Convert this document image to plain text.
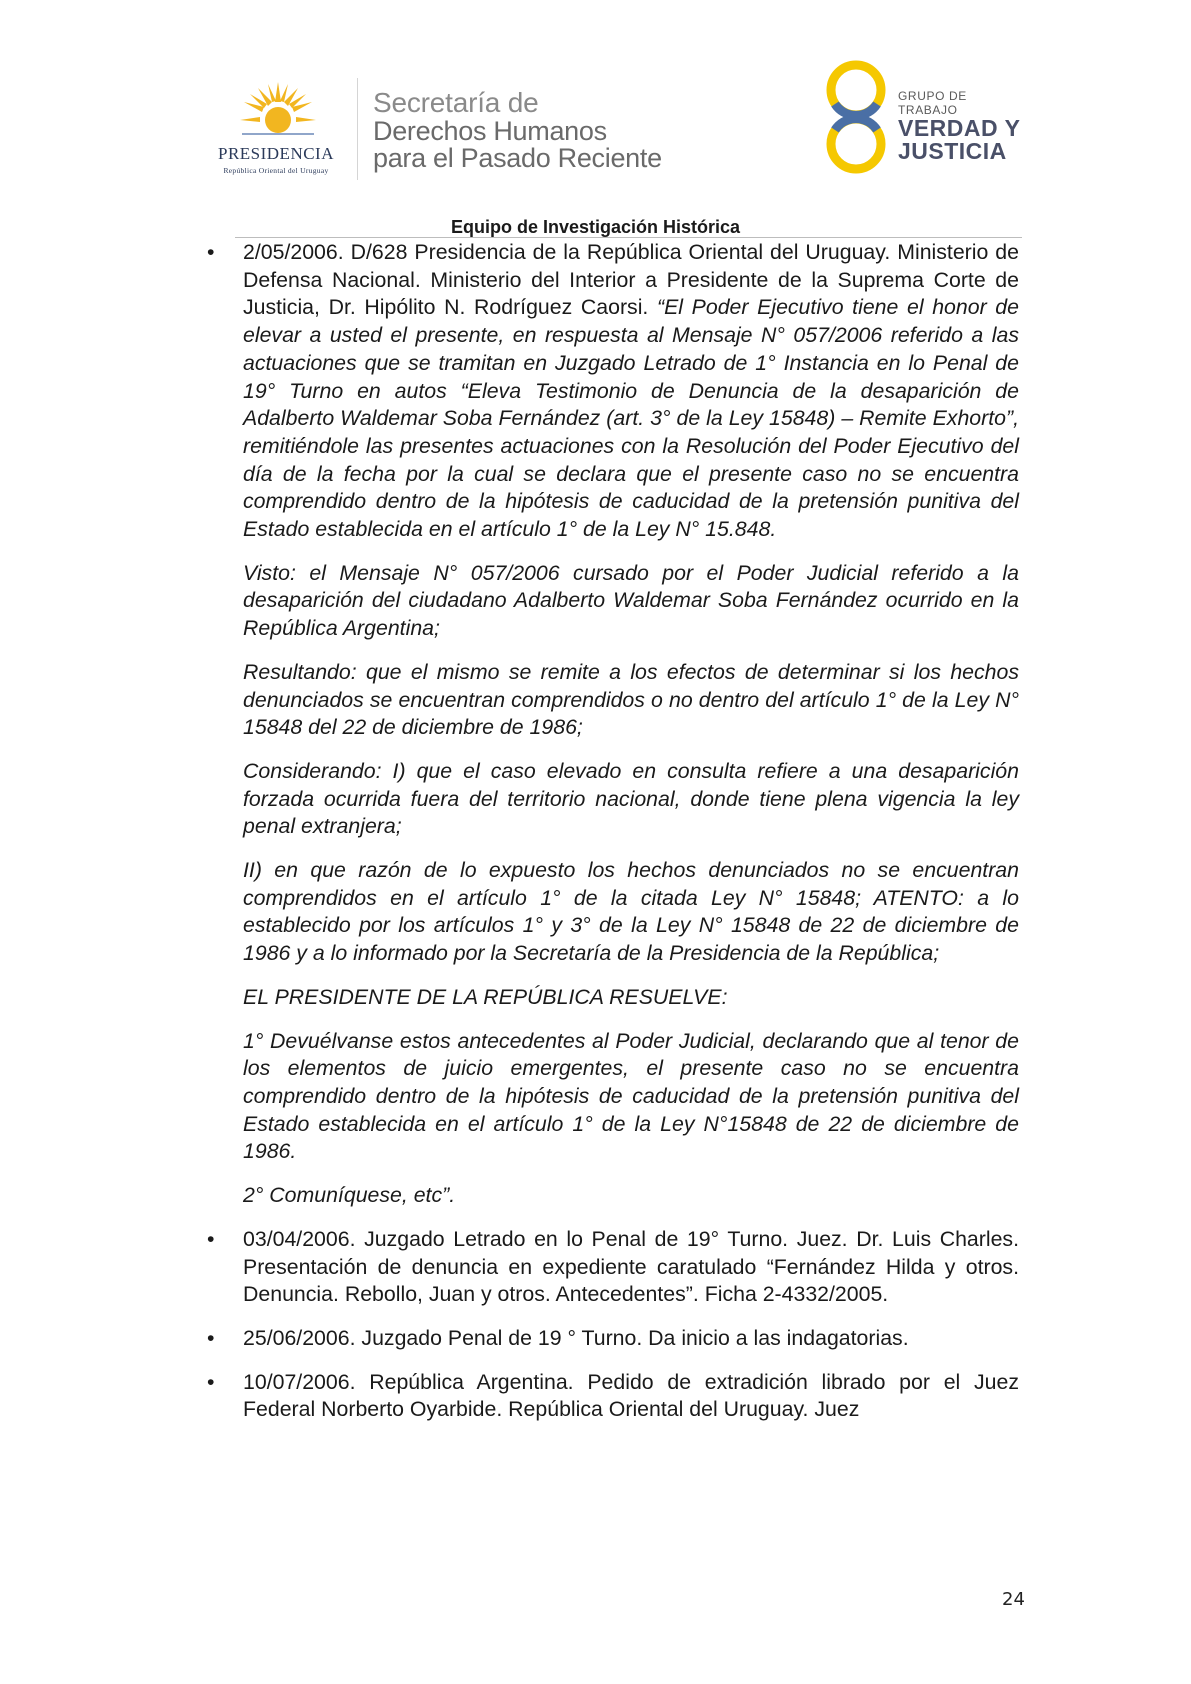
PRESIDENCIA
República Oriental del Uruguay
Secretaría de
Derechos Humanos
para el Pasado Reciente
GRUPO DE TRABAJO
VERDAD Y
JUSTICIA
Equipo de Investigación Histórica
• 2/05/2006. D/628 Presidencia de la República Oriental del Uruguay. Ministerio de Defensa Nacional. Ministerio del Interior a Presidente de la Suprema Corte de Justicia, Dr. Hipólito N. Rodríguez Caorsi. “El Poder Ejecutivo tiene el honor de elevar a usted el presente, en respuesta al Mensaje N° 057/2006 referido a las actuaciones que se tramitan en Juzgado Letrado de 1° Instancia en lo Penal de 19° Turno en autos “Eleva Testimonio de Denuncia de la desaparición de Adalberto Waldemar Soba Fernández (art. 3° de la Ley 15848) – Remite Exhorto”, remitiéndole las presentes actuaciones con la Resolución del Poder Ejecutivo del día de la fecha por la cual se declara que el presente caso no se encuentra comprendido dentro de la hipótesis de caducidad de la pretensión punitiva del Estado establecida en el artículo 1° de la Ley N° 15.848.

Visto: el Mensaje N° 057/2006 cursado por el Poder Judicial referido a la desaparición del ciudadano Adalberto Waldemar Soba Fernández ocurrido en la República Argentina;

Resultando: que el mismo se remite a los efectos de determinar si los hechos denunciados se encuentran comprendidos o no dentro del artículo 1° de la Ley N° 15848 del 22 de diciembre de 1986;

Considerando: I) que el caso elevado en consulta refiere a una desaparición forzada ocurrida fuera del territorio nacional, donde tiene plena vigencia la ley penal extranjera;

II) en que razón de lo expuesto los hechos denunciados no se encuentran comprendidos en el artículo 1° de la citada Ley N° 15848; ATENTO: a lo establecido por los artículos 1° y 3° de la Ley N° 15848 de 22 de diciembre de 1986 y a lo informado por la Secretaría de la Presidencia de la República;

EL PRESIDENTE DE LA REPÚBLICA RESUELVE:

1° Devuélvanse estos antecedentes al Poder Judicial, declarando que al tenor de los elementos de juicio emergentes, el presente caso no se encuentra comprendido dentro de la hipótesis de caducidad de la pretensión punitiva del Estado establecida en el artículo 1° de la Ley N°15848 de 22 de diciembre de 1986.

2° Comuníquese, etc”.

• 03/04/2006. Juzgado Letrado en lo Penal de 19° Turno. Juez. Dr. Luis Charles. Presentación de denuncia en expediente caratulado “Fernández Hilda y otros. Denuncia. Rebollo, Juan y otros. Antecedentes”. Ficha 2-4332/2005.

• 25/06/2006. Juzgado Penal de 19 ° Turno. Da inicio a las indagatorias.

• 10/07/2006. República Argentina. Pedido de extradición librado por el Juez Federal Norberto Oyarbide. República Oriental del Uruguay. Juez

24
